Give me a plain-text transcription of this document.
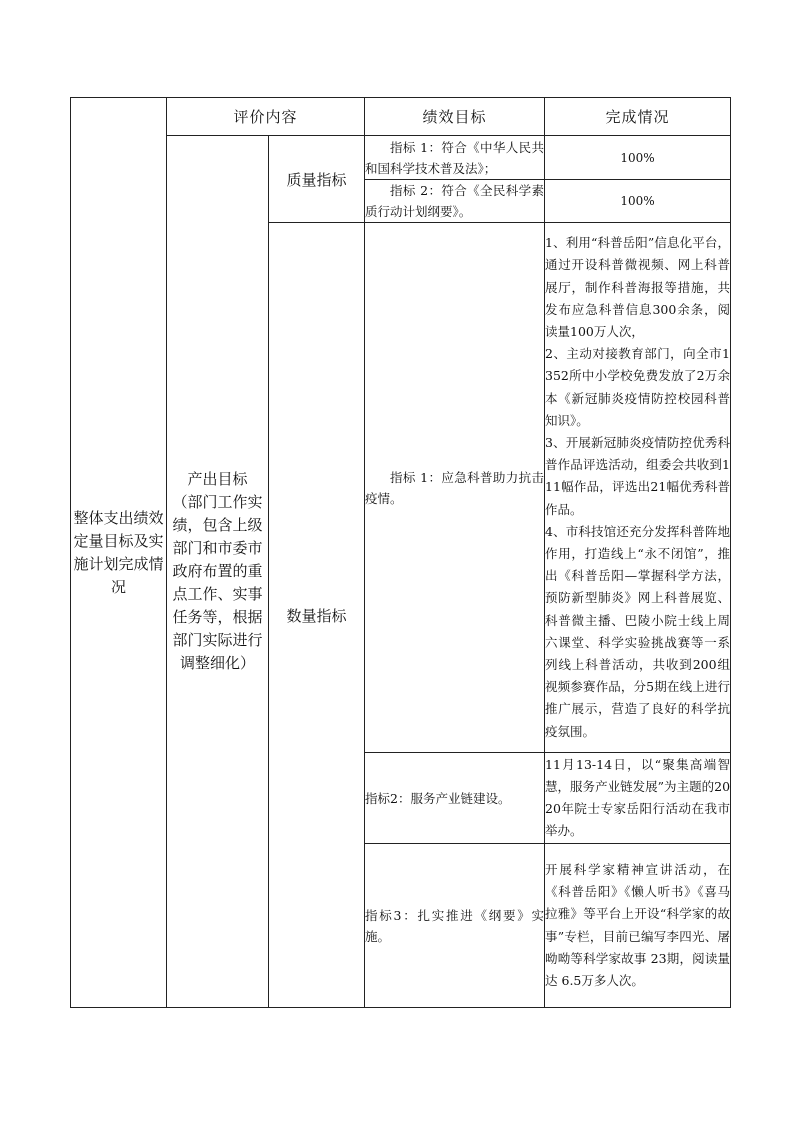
整体支出绩效定量目标及实施计划完成情况	评价内容		绩效目标	完成情况

	产出目标
（部门工作实绩，包含上级部门和市委市政府布置的重点工作、实事任务等，根据部门实际进行调整细化）	质量指标	指标 1：符合《中华人民共和国科学技术普及法》；	100%
			指标 2：符合《全民科学素质行动计划纲要》。	100%
		数量指标	指标 1：应急科普助力抗击疫情。	1、利用“科普岳阳”信息化平台，通过开设科普微视频、网上科普展厅，制作科普海报等措施，共发布应急科普信息300余条，阅读量100万人次，

2、主动对接教育部门，向全市1352所中小学校免费发放了2万余本《新冠肺炎疫情防控校园科普知识》。

3、开展新冠肺炎疫情防控优秀科普作品评选活动，组委会共收到111幅作品，评选出21幅优秀科普作品。

4、市科技馆还充分发挥科普阵地作用，打造线上“永不闭馆”，推出《科普岳阳—掌握科学方法，预防新型肺炎》网上科普展览、科普微主播、巴陵小院士线上周六课堂、科学实验挑战赛等一系列线上科普活动，共收到200组视频参赛作品，分5期在线上进行推广展示，营造了良好的科学抗疫氛围。

			指标2：服务产业链建设。	11月13-14日，以“聚集高端智慧，服务产业链发展”为主题的2020年院士专家岳阳行活动在我市举办。
			指标3：扎实推进《纲要》实施。	开展科学家精神宣讲活动，在《科普岳阳》《懒人听书》《喜马拉雅》等平台上开设“科学家的故事”专栏，目前已编写李四光、屠呦呦等科学家故事 23期，阅读量达 6.5万多人次。
